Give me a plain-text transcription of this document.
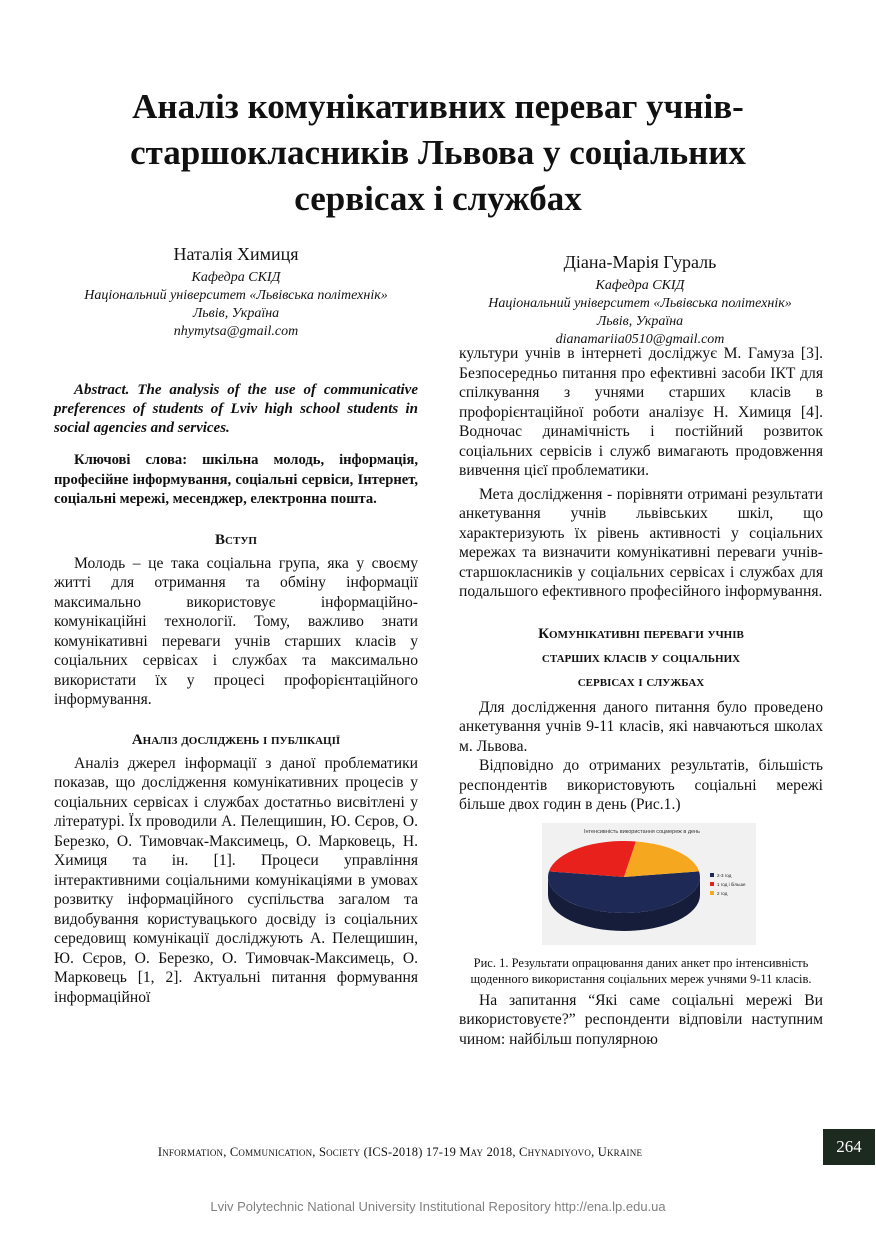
Аналіз комунікативних переваг учнів-
старшокласників Львова у соціальних
сервісах і службах
Наталія Химиця
Кафедра СКІД
Національний університет «Львівська політехнік»
Львів, Україна
nhymytsa@gmail.com
Діана-Марія Гураль
Кафедра СКІД
Національний університет «Львівська політехнік»
Львів, Україна
dianamariia0510@gmail.com

Abstract. The analysis of the use of communicative preferences of students of Lviv high school students in social agencies and services.

Ключові слова: шкільна молодь, інформація, професійне інформування, соціальні сервіси, Інтернет, соціальні мережі, месенджер, електронна пошта.

Вступ

Молодь – це така соціальна група, яка у своєму житті для отримання та обміну інформації максимально використовує інформаційно-комунікаційні технології. Тому, важливо знати комунікативні переваги учнів старших класів у соціальних сервісах і службах та максимально використати їх у процесі профорієнтаційного інформування.

Аналіз досліджень і публікації

Аналіз джерел інформації з даної проблематики показав, що дослідження комунікативних процесів у соціальних сервісах і службах достатньо висвітлені у літературі. Їх проводили А. Пелещишин, Ю. Сєров, О. Березко, О. Тимовчак-Максимець, О. Марковець, Н. Химиця та ін. [1]. Процеси управління інтерактивними соціальними комунікаціями в умовах розвитку інформаційного суспільства загалом та видобування користувацького досвіду із соціальних середовищ комунікації досліджують А. Пелещишин, Ю. Сєров, О. Березко, О. Тимовчак-Максимець, О. Марковець [1, 2]. Актуальні питання формування інформаційної

культури учнів в інтернеті досліджує М. Гамуза [3]. Безпосередньо питання про ефективні засоби ІКТ для спілкування з учнями старших класів в профорієнтаційної роботи аналізує Н. Химиця [4]. Водночас динамічність і постійний розвиток соціальних сервісів і служб вимагають продовження вивчення цієї проблематики.

Мета дослідження - порівняти отримані результати анкетування учнів львівських шкіл, що характеризують їх рівень активності у соціальних мережах та визначити комунікативні переваги учнів-старшокласників у соціальних сервісах і службах для подальшого ефективного професійного інформування.

Комунікативні переваги учнів
старших класів у соціальних
сервісах і службах

Для дослідження даного питання було проведено анкетування учнів 9-11 класів, які навчаються школах м. Львова.

Відповідно до отриманих результатів, більшість респондентів використовують соціальні мережі більше двох годин в день (Рис.1.)

Інтенсивність використання соцмереж в день
2-3 год
1 год і більше
2 год
Рис. 1. Результати опрацювання даних анкет про інтенсивність щоденного використання соціальних мереж учнями 9-11 класів.

На запитання “Які саме соціальні мережі Ви використовуєте?” респонденти відповіли наступним чином: найбільш популярною

Information, Communication, Society (ICS-2018) 17-19 May 2018, Chynadiyovo, Ukraine	264
Lviv Polytechnic National University Institutional Repository http://ena.lp.edu.ua
